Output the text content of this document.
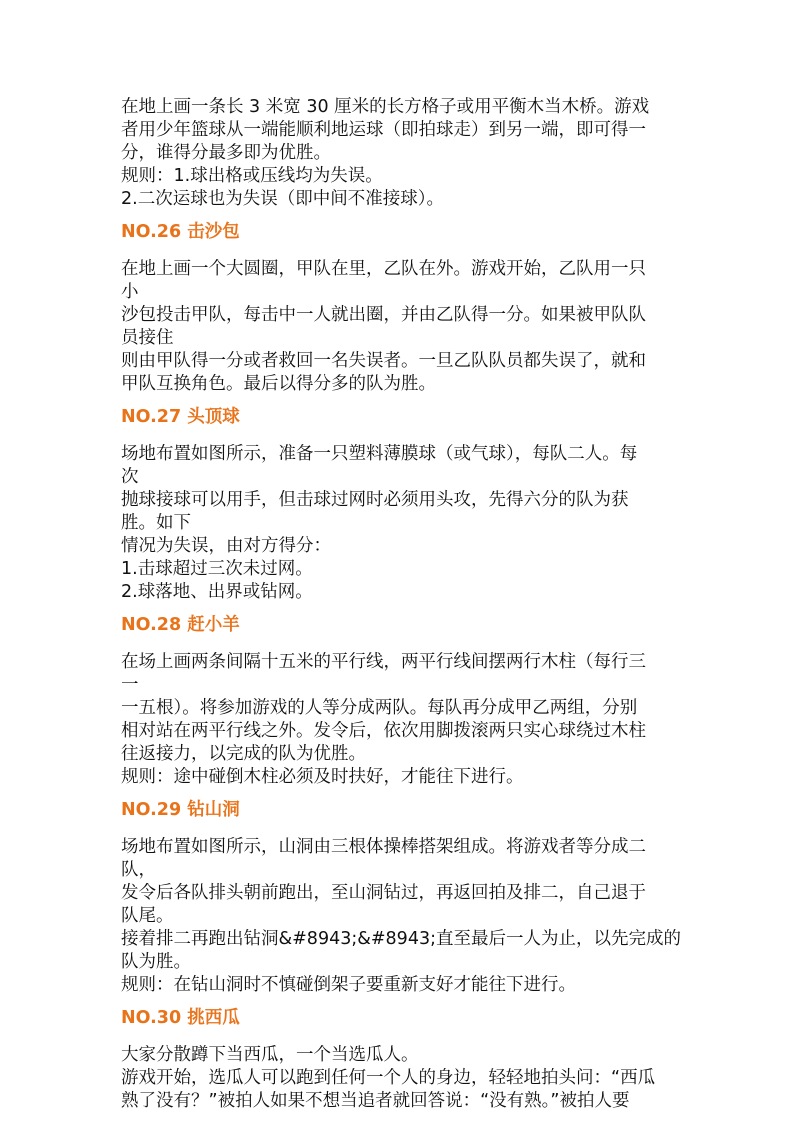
在地上画一条长 3 米宽 30 厘米的长方格子或用平衡木当木桥。游戏

者用少年篮球从一端能顺利地运球（即拍球走）到另一端，即可得一

分，谁得分最多即为优胜。

规则：1.球出格或压线均为失误。

2.二次运球也为失误（即中间不准接球）。

NO.26 击沙包

在地上画一个大圆圈，甲队在里，乙队在外。游戏开始，乙队用一只

小

沙包投击甲队，每击中一人就出圈，并由乙队得一分。如果被甲队队

员接住

则由甲队得一分或者救回一名失误者。一旦乙队队员都失误了，就和

甲队互换角色。最后以得分多的队为胜。

NO.27 头顶球

场地布置如图所示，准备一只塑料薄膜球（或气球），每队二人。每

次

抛球接球可以用手，但击球过网时必须用头攻，先得六分的队为获

胜。如下

情况为失误，由对方得分：

1.击球超过三次未过网。

2.球落地、出界或钻网。

NO.28 赶小羊

在场上画两条间隔十五米的平行线，两平行线间摆两行木柱（每行三

一

一五根）。将参加游戏的人等分成两队。每队再分成甲乙两组，分别

相对站在两平行线之外。发令后，依次用脚拨滚两只实心球绕过木柱

往返接力，以完成的队为优胜。

规则：途中碰倒木柱必须及时扶好，才能往下进行。

NO.29 钻山洞

场地布置如图所示，山洞由三根体操棒搭架组成。将游戏者等分成二

队，

发令后各队排头朝前跑出，至山洞钻过，再返回拍及排二，自己退于

队尾。

接着排二再跑出钻洞&#8943;&#8943;直至最后一人为止，以先完成的

队为胜。

规则：在钻山洞时不慎碰倒架子要重新支好才能往下进行。

NO.30 挑西瓜

大家分散蹲下当西瓜，一个当选瓜人。

游戏开始，选瓜人可以跑到任何一个人的身边，轻轻地拍头问：“西瓜

熟了没有？”被拍人如果不想当追者就回答说：“没有熟。”被拍人要
